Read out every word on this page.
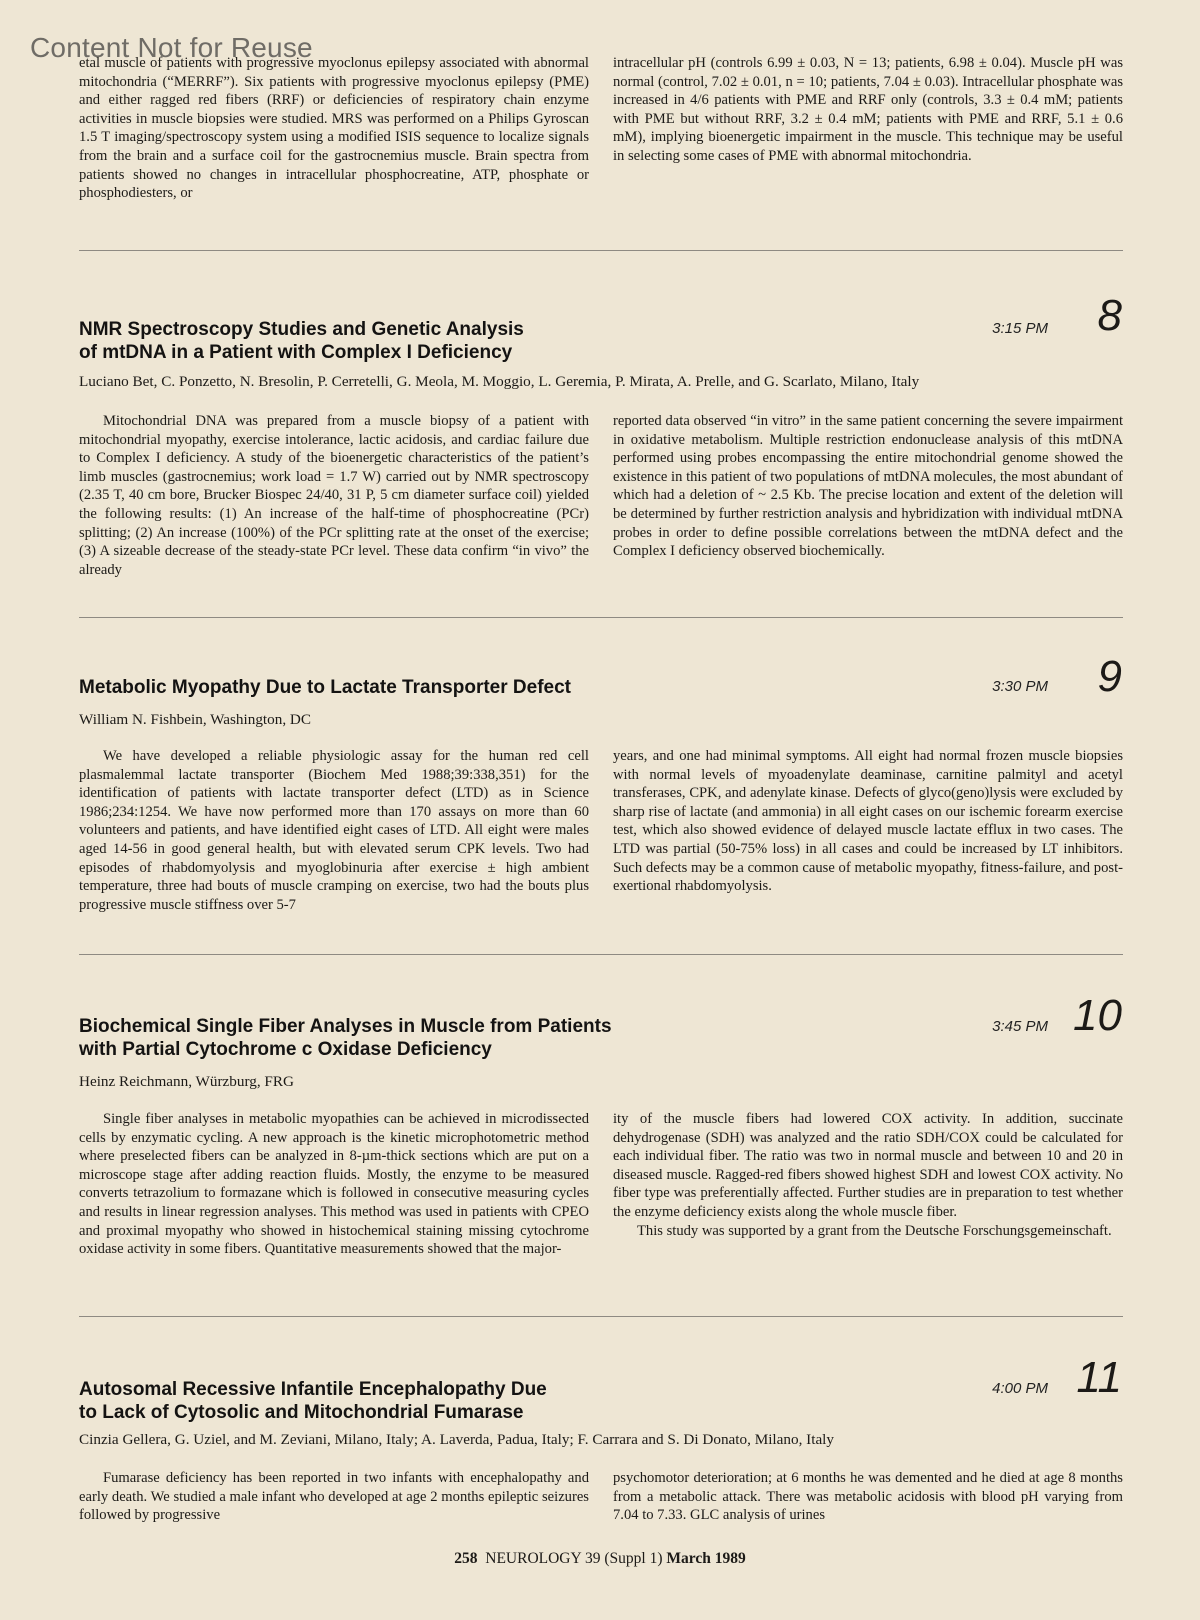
Content Not for Reuse

etal muscle of patients with progressive myoclonus epilepsy associated with abnormal mitochondria (“MERRF”). Six patients with progressive myoclonus epilepsy (PME) and either ragged red fibers (RRF) or deficiencies of respiratory chain enzyme activities in muscle biopsies were studied. MRS was performed on a Philips Gyroscan 1.5 T imaging/spectroscopy system using a modified ISIS sequence to localize signals from the brain and a surface coil for the gastrocnemius muscle. Brain spectra from patients showed no changes in intracellular phosphocreatine, ATP, phosphate or phosphodiesters, or

intracellular pH (controls 6.99 ± 0.03, N = 13; patients, 6.98 ± 0.04). Muscle pH was normal (control, 7.02 ± 0.01, n = 10; patients, 7.04 ± 0.03). Intracellular phosphate was increased in 4/6 patients with PME and RRF only (controls, 3.3 ± 0.4 mM; patients with PME but without RRF, 3.2 ± 0.4 mM; patients with PME and RRF, 5.1 ± 0.6 mM), implying bioenergetic impairment in the muscle. This technique may be useful in selecting some cases of PME with abnormal mitochondria.

NMR Spectroscopy Studies and Genetic Analysis
of mtDNA in a Patient with Complex I Deficiency
3:15 PM 8
Luciano Bet, C. Ponzetto, N. Bresolin, P. Cerretelli, G. Meola, M. Moggio, L. Geremia, P. Mirata, A. Prelle, and G. Scarlato, Milano, Italy

Mitochondrial DNA was prepared from a muscle biopsy of a patient with mitochondrial myopathy, exercise intolerance, lactic acidosis, and cardiac failure due to Complex I deficiency. A study of the bioenergetic characteristics of the patient’s limb muscles (gastrocnemius; work load = 1.7 W) carried out by NMR spectroscopy (2.35 T, 40 cm bore, Brucker Biospec 24/40, 31 P, 5 cm diameter surface coil) yielded the following results: (1) An increase of the half-time of phosphocreatine (PCr) splitting; (2) An increase (100%) of the PCr splitting rate at the onset of the exercise; (3) A sizeable decrease of the steady-state PCr level. These data confirm “in vivo” the already

reported data observed “in vitro” in the same patient concerning the severe impairment in oxidative metabolism. Multiple restriction endonuclease analysis of this mtDNA performed using probes encompassing the entire mitochondrial genome showed the existence in this patient of two populations of mtDNA molecules, the most abundant of which had a deletion of ~ 2.5 Kb. The precise location and extent of the deletion will be determined by further restriction analysis and hybridization with individual mtDNA probes in order to define possible correlations between the mtDNA defect and the Complex I deficiency observed biochemically.

Metabolic Myopathy Due to Lactate Transporter Defect	3:30 PM 9
William N. Fishbein, Washington, DC

We have developed a reliable physiologic assay for the human red cell plasmalemmal lactate transporter (Biochem Med 1988;39:338,351) for the identification of patients with lactate transporter defect (LTD) as in Science 1986;234:1254. We have now performed more than 170 assays on more than 60 volunteers and patients, and have identified eight cases of LTD. All eight were males aged 14-56 in good general health, but with elevated serum CPK levels. Two had episodes of rhabdomyolysis and myoglobinuria after exercise ± high ambient temperature, three had bouts of muscle cramping on exercise, two had the bouts plus progressive muscle stiffness over 5-7

years, and one had minimal symptoms. All eight had normal frozen muscle biopsies with normal levels of myoadenylate deaminase, carnitine palmityl and acetyl transferases, CPK, and adenylate kinase. Defects of glyco(geno)lysis were excluded by sharp rise of lactate (and ammonia) in all eight cases on our ischemic forearm exercise test, which also showed evidence of delayed muscle lactate efflux in two cases. The LTD was partial (50-75% loss) in all cases and could be increased by LT inhibitors. Such defects may be a common cause of metabolic myopathy, fitness-failure, and post-exertional rhabdomyolysis.

Biochemical Single Fiber Analyses in Muscle from Patients
with Partial Cytochrome c Oxidase Deficiency
3:45 PM 10
Heinz Reichmann, Würzburg, FRG

Single fiber analyses in metabolic myopathies can be achieved in microdissected cells by enzymatic cycling. A new approach is the kinetic microphotometric method where preselected fibers can be analyzed in 8-µm-thick sections which are put on a microscope stage after adding reaction fluids. Mostly, the enzyme to be measured converts tetrazolium to formazane which is followed in consecutive measuring cycles and results in linear regression analyses. This method was used in patients with CPEO and proximal myopathy who showed in histochemical staining missing cytochrome oxidase activity in some fibers. Quantitative measurements showed that the major-

ity of the muscle fibers had lowered COX activity. In addition, succinate dehydrogenase (SDH) was analyzed and the ratio SDH/COX could be calculated for each individual fiber. The ratio was two in normal muscle and between 10 and 20 in diseased muscle. Ragged-red fibers showed highest SDH and lowest COX activity. No fiber type was preferentially affected. Further studies are in preparation to test whether the enzyme deficiency exists along the whole muscle fiber.

This study was supported by a grant from the Deutsche Forschungsgemeinschaft.

Autosomal Recessive Infantile Encephalopathy Due
to Lack of Cytosolic and Mitochondrial Fumarase
4:00 PM 11
Cinzia Gellera, G. Uziel, and M. Zeviani, Milano, Italy; A. Laverda, Padua, Italy; F. Carrara and S. Di Donato, Milano, Italy

Fumarase deficiency has been reported in two infants with encephalopathy and early death. We studied a male infant who developed at age 2 months epileptic seizures followed by progressive

psychomotor deterioration; at 6 months he was demented and he died at age 8 months from a metabolic attack. There was metabolic acidosis with blood pH varying from 7.04 to 7.33. GLC analysis of urines

258 NEUROLOGY 39 (Suppl 1) March 1989
